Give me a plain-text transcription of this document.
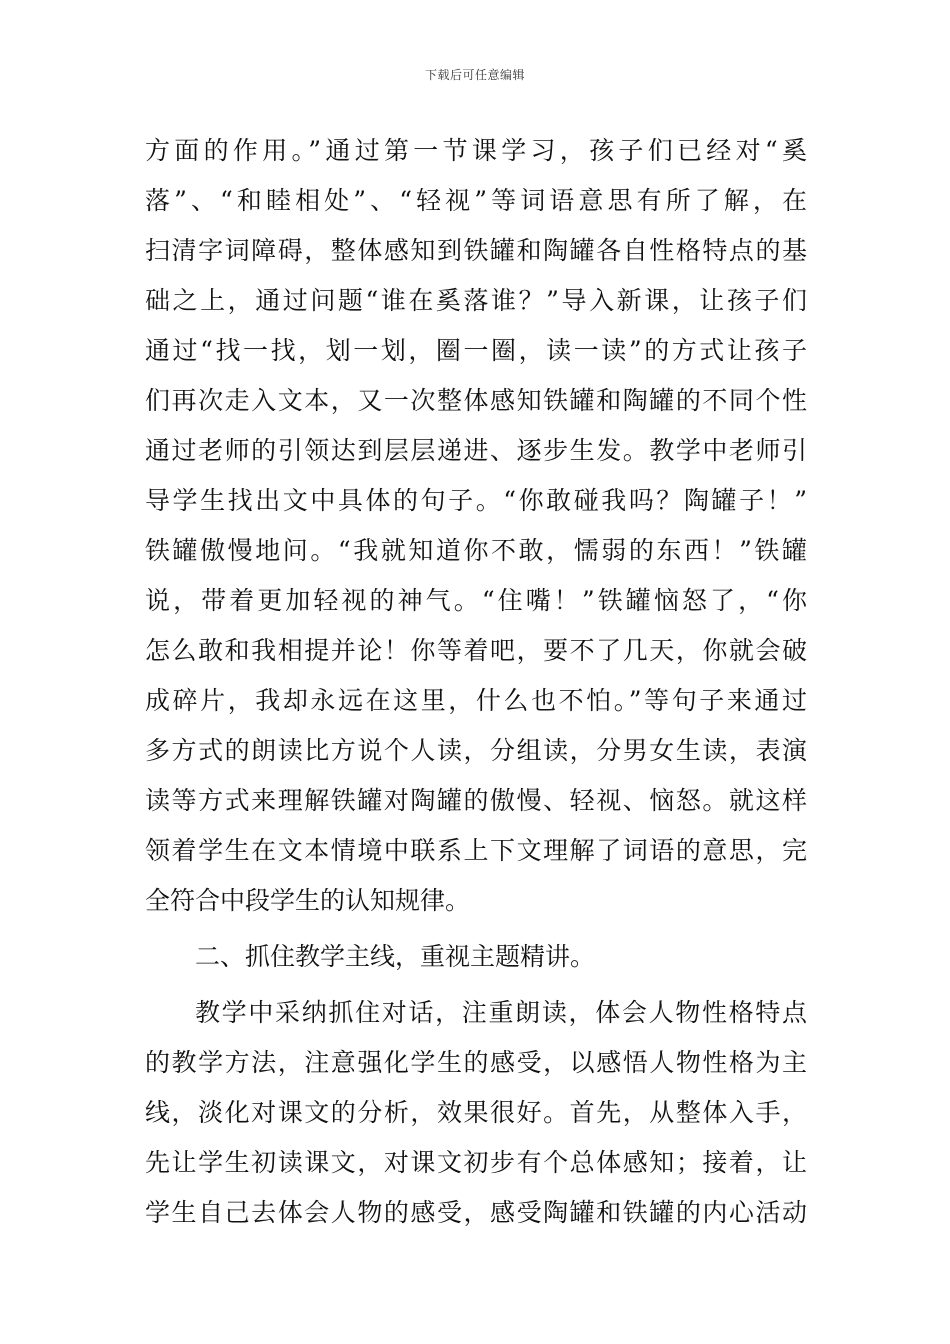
下载后可任意编辑
方面的作用。”通过第一节课学习，孩子们已经对“奚
落”、“和睦相处”、“轻视”等词语意思有所了解，在
扫清字词障碍，整体感知到铁罐和陶罐各自性格特点的基
础之上，通过问题“谁在奚落谁？”导入新课，让孩子们
通过“找一找，划一划，圈一圈，读一读”的方式让孩子
们再次走入文本，又一次整体感知铁罐和陶罐的不同个性
通过老师的引领达到层层递进、逐步生发。教学中老师引
导学生找出文中具体的句子。“你敢碰我吗？陶罐子！”
铁罐傲慢地问。“我就知道你不敢，懦弱的东西！”铁罐
说，带着更加轻视的神气。“住嘴！”铁罐恼怒了，“你
怎么敢和我相提并论！你等着吧，要不了几天，你就会破
成碎片，我却永远在这里，什么也不怕。”等句子来通过
多方式的朗读比方说个人读，分组读，分男女生读，表演
读等方式来理解铁罐对陶罐的傲慢、轻视、恼怒。就这样
领着学生在文本情境中联系上下文理解了词语的意思，完
全符合中段学生的认知规律。
二、抓住教学主线，重视主题精讲。
教学中采纳抓住对话，注重朗读，体会人物性格特点
的教学方法，注意强化学生的感受，以感悟人物性格为主
线，淡化对课文的分析，效果很好。首先，从整体入手，
先让学生初读课文，对课文初步有个总体感知；接着，让
学生自己去体会人物的感受，感受陶罐和铁罐的内心活动
